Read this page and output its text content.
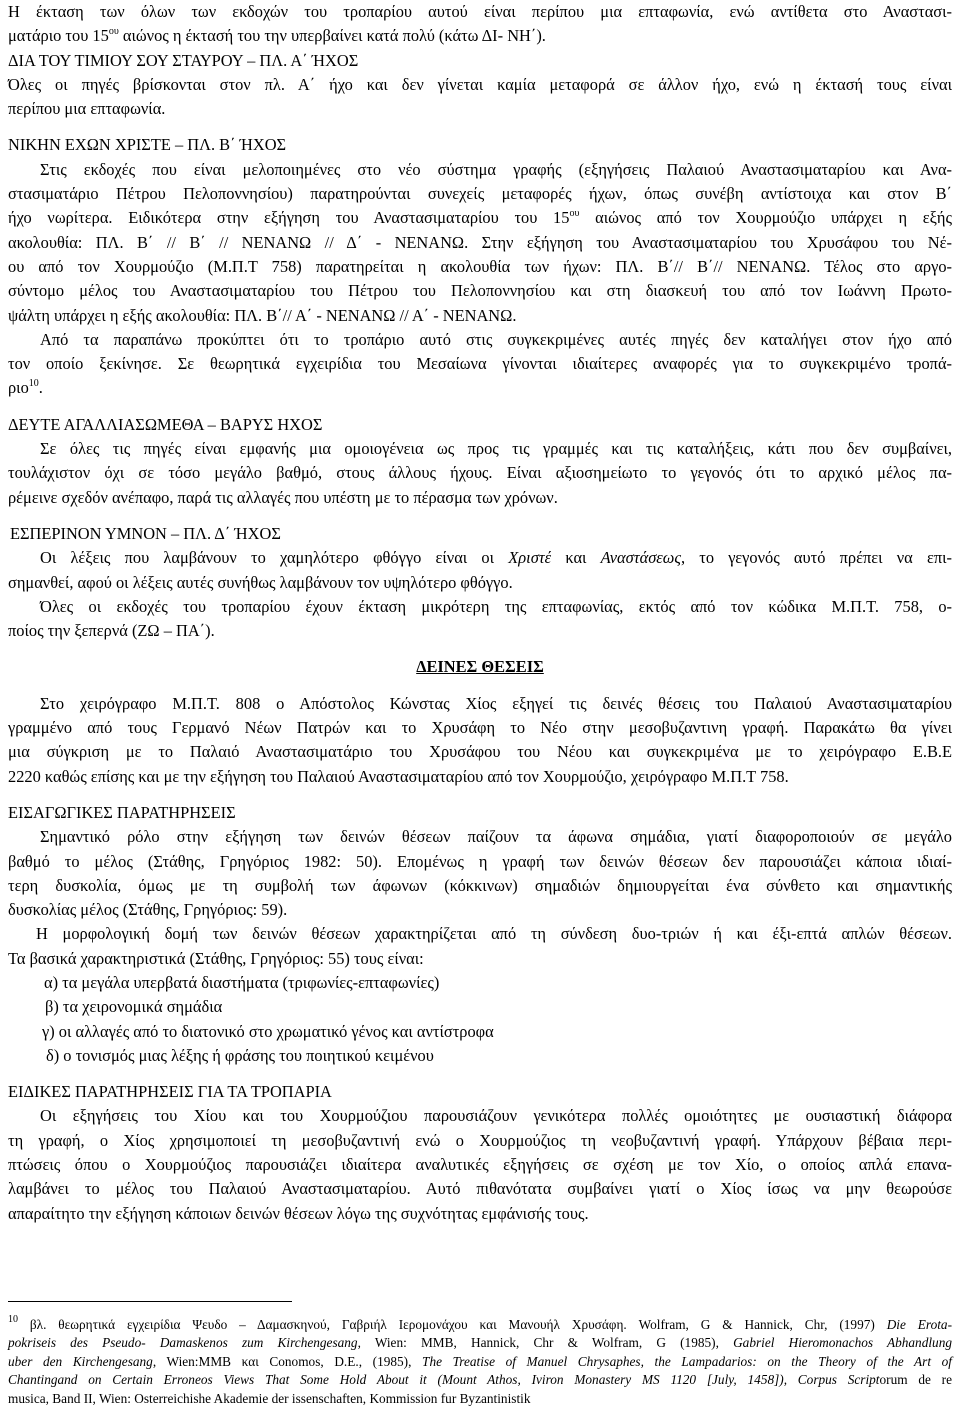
Η έκταση των όλων των εκδοχών του τροπαρίου αυτού είναι περίπου μια επταφωνία, ενώ αντίθετα στο Αναστασι-
ματάριο του $15^{o\upsilon}$ αιώνος η έκτασή του την υπερβαίνει κατά πολύ (κάτω ΔΙ- ΝΗ΄).
ΔΙΑ ΤΟΥ ΤΙΜΙΟΥ ΣΟΥ ΣΤΑΥΡΟΥ – ΠΛ. Α΄ ΉΧΟΣ
Όλες οι πηγές βρίσκονται στον πλ. Α΄ ήχο και δεν γίνεται καμία μεταφορά σε άλλον ήχο, ενώ η έκτασή τους είναι
περίπου μια επταφωνία.
ΝΙΚΗΝ ΕΧΩΝ ΧΡΙΣΤΕ – ΠΛ. Β΄ ΉΧΟΣ
Στις εκδοχές που είναι μελοποιημένες στο νέο σύστημα γραφής (εξηγήσεις Παλαιού Αναστασιματαρίου και Ανα-
στασιματάριο Πέτρου Πελοποννησίου) παρατηρούνται συνεχείς μεταφορές ήχων, όπως συνέβη αντίστοιχα και στον Β΄
ήχο νωρίτερα. Ειδικότερα στην εξήγηση του Αναστασιματαρίου του $15^{o\upsilon}$ αιώνος από τον Χουρμούζιο υπάρχει η εξής
ακολουθία: ΠΛ. Β΄ // Β΄ // ΝΕΝΑΝΩ // Δ΄ - ΝΕΝΑΝΩ. Στην εξήγηση του Αναστασιματαρίου του Χρυσάφου του Νέ-
ου από τον Χουρμούζιο (Μ.Π.Τ 758) παρατηρείται η ακολουθία των ήχων: ΠΛ. Β΄// Β΄// ΝΕΝΑΝΩ. Τέλος στο αργο-
σύντομο μέλος του Αναστασιματαρίου του Πέτρου του Πελοποννησίου και στη διασκευή του από τον Ιωάννη Πρωτο-
ψάλτη υπάρχει η εξής ακολουθία: ΠΛ. Β΄// Α΄ - ΝΕΝΑΝΩ // Α΄ - ΝΕΝΑΝΩ.
Από τα παραπάνω προκύπτει ότι το τροπάριο αυτό στις συγκεκριμένες αυτές πηγές δεν καταλήγει στον ήχο από
τον οποίο ξεκίνησε. Σε θεωρητικά εγχειρίδια του Μεσαίωνα γίνονται ιδιαίτερες αναφορές για το συγκεκριμένο τροπά-
ριο$^{10}$.
ΔΕΥΤΕ ΑΓΑΛΛΙΑΣΩΜΕΘΑ – ΒΑΡΥΣ ΗΧΟΣ
Σε όλες τις πηγές είναι εμφανής μια ομοιογένεια ως προς τις γραμμές και τις καταλήξεις, κάτι που δεν συμβαίνει,
τουλάχιστον όχι σε τόσο μεγάλο βαθμό, στους άλλους ήχους. Είναι αξιοσημείωτο το γεγονός ότι το αρχικό μέλος πα-
ρέμεινε σχεδόν ανέπαφο, παρά τις αλλαγές που υπέστη με το πέρασμα των χρόνων.
ΕΣΠΕΡΙΝΟΝ ΥΜΝΟΝ – ΠΛ. Δ΄ ΉΧΟΣ
Οι λέξεις που λαμβάνουν το χαμηλότερο φθόγγο είναι οι Χριστέ και Αναστάσεως, το γεγονός αυτό πρέπει να επι-
σημανθεί, αφού οι λέξεις αυτές συνήθως λαμβάνουν τον υψηλότερο φθόγγο.
Όλες οι εκδοχές του τροπαρίου έχουν έκταση μικρότερη της επταφωνίας, εκτός από τον κώδικα Μ.Π.Τ. 758, ο-
ποίος την ξεπερνά (ΖΩ – ΠΑ΄).
ΔΕΙΝΕΣ ΘΕΣΕΙΣ
Στο χειρόγραφο Μ.Π.Τ. 808 ο Απόστολος Κώνστας Χίος εξηγεί τις δεινές θέσεις του Παλαιού Αναστασιματαρίου
γραμμένο από τους Γερμανό Νέων Πατρών και το Χρυσάφη το Νέο στην μεσοβυζαντινη γραφή. Παρακάτω θα γίνει
μια σύγκριση με το Παλαιό Αναστασιματάριο του Χρυσάφου του Νέου και συγκεκριμένα με το χειρόγραφο Ε.Β.Ε
2220 καθώς επίσης και με την εξήγηση του Παλαιού Αναστασιματαρίου από τον Χουρμούζιο, χειρόγραφο Μ.Π.Τ 758.
ΕΙΣΑΓΩΓΙΚΕΣ ΠΑΡΑΤΗΡΗΣΕΙΣ
Σημαντικό ρόλο στην εξήγηση των δεινών θέσεων παίζουν τα άφωνα σημάδια, γιατί διαφοροποιούν σε μεγάλο
βαθμό το μέλος (Στάθης, Γρηγόριος 1982: 50). Επομένως η γραφή των δεινών θέσεων δεν παρουσιάζει κάποια ιδιαί-
τερη δυσκολία, όμως με τη συμβολή των άφωνων (κόκκινων) σημαδιών δημιουργείται ένα σύνθετο και σημαντικής
δυσκολίας μέλος (Στάθης, Γρηγόριος: 59).
Η μορφολογική δομή των δεινών θέσεων χαρακτηρίζεται από τη σύνδεση δυο-τριών ή και έξι-επτά απλών θέσεων.
Τα βασικά χαρακτηριστικά (Στάθης, Γρηγόριος: 55) τους είναι:
α) τα μεγάλα υπερβατά διαστήματα (τριφωνίες-επταφωνίες)
β) τα χειρονομικά σημάδια
γ) οι αλλαγές από το διατονικό στο χρωματικό γένος και αντίστροφα
δ) ο τονισμός μιας λέξης ή φράσης του ποιητικού κειμένου
ΕΙΔΙΚΕΣ ΠΑΡΑΤΗΡΗΣΕΙΣ ΓΙΑ ΤΑ ΤΡΟΠΑΡΙΑ
Οι εξηγήσεις του Χίου και του Χουρμούζιου παρουσιάζουν γενικότερα πολλές ομοιότητες με ουσιαστική διάφορα
τη γραφή, ο Χίος χρησιμοποιεί τη μεσοβυζαντινή ενώ ο Χουρμούζιος τη νεοβυζαντινή γραφή. Υπάρχουν βέβαια περι-
πτώσεις όπου ο Χουρμούζιος παρουσιάζει ιδιαίτερα αναλυτικές εξηγήσεις σε σχέση με τον Χίο, ο οποίος απλά επανα-
λαμβάνει το μέλος του Παλαιού Αναστασιματαρίου. Αυτό πιθανότατα συμβαίνει γιατί ο Χίος ίσως να μην θεωρούσε
απαραίτητο την εξήγηση κάποιων δεινών θέσεων λόγω της συχνότητας εμφάνισής τους.
$^{10}$ βλ. θεωρητικά εγχειρίδια Ψευδο – Δαμασκηνού, Γαβριήλ Ιερομονάχου και Μανουήλ Χρυσάφη. Wolfram, G & Hannick, Chr, (1997) Die Erota-
pokriseis des Pseudo- Damaskenos zum Kirchengesang, Wien: MMB, Hannick, Chr & Wolfram, G (1985), Gabriel Hieromonachos Abhandlung
uber den Kirchengesang, Wien:MMB και Conomos, D.E., (1985), The Treatise of Manuel Chrysaphes, the Lampadarios: on the Theory of the Art of
Chantingand on Certain Erroneos Views That Some Hold About it (Mount Athos, Iviron Monastery MS 1120 [July, 1458]), Corpus Scriptorum de re
musica, Band II, Wien: Osterreichishe Akademie der issenschaften, Kommission fur Byzantinistik
